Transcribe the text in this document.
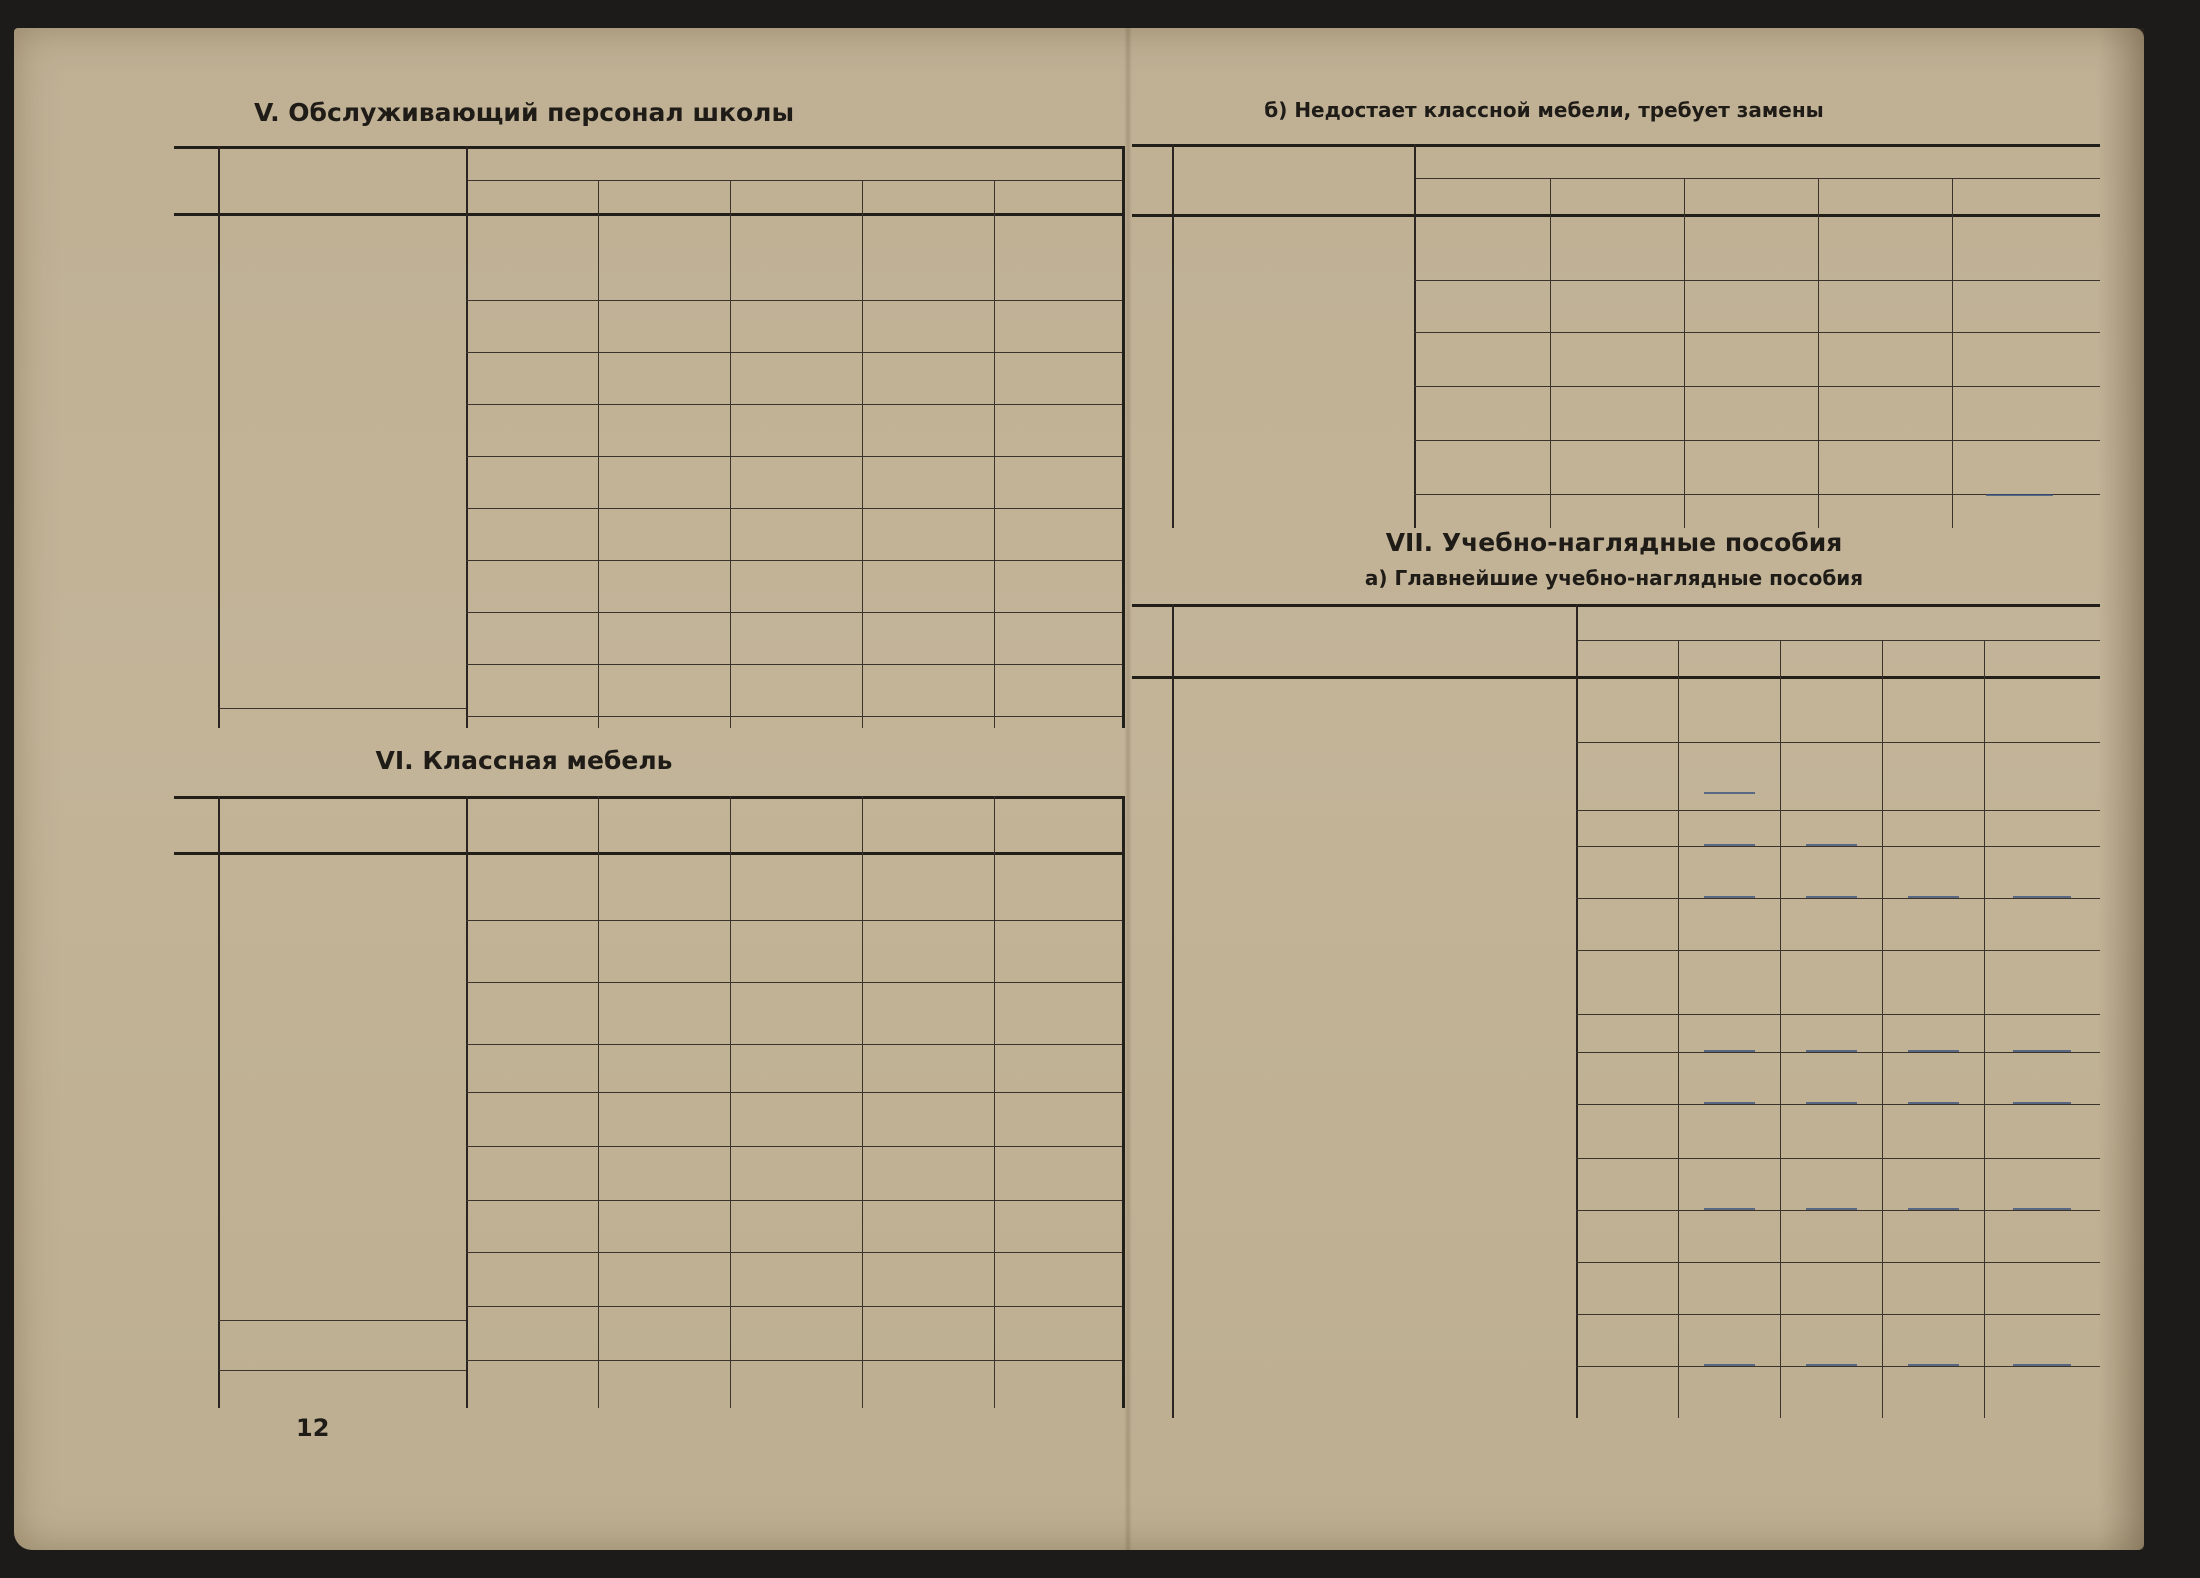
V. Обслуживающий персонал школы
VI. Классная мебель
б) Недостает классной мебели, требует замены
VII. Учебно-наглядные пособия
а) Главнейшие учебно-наглядные пособия
12
